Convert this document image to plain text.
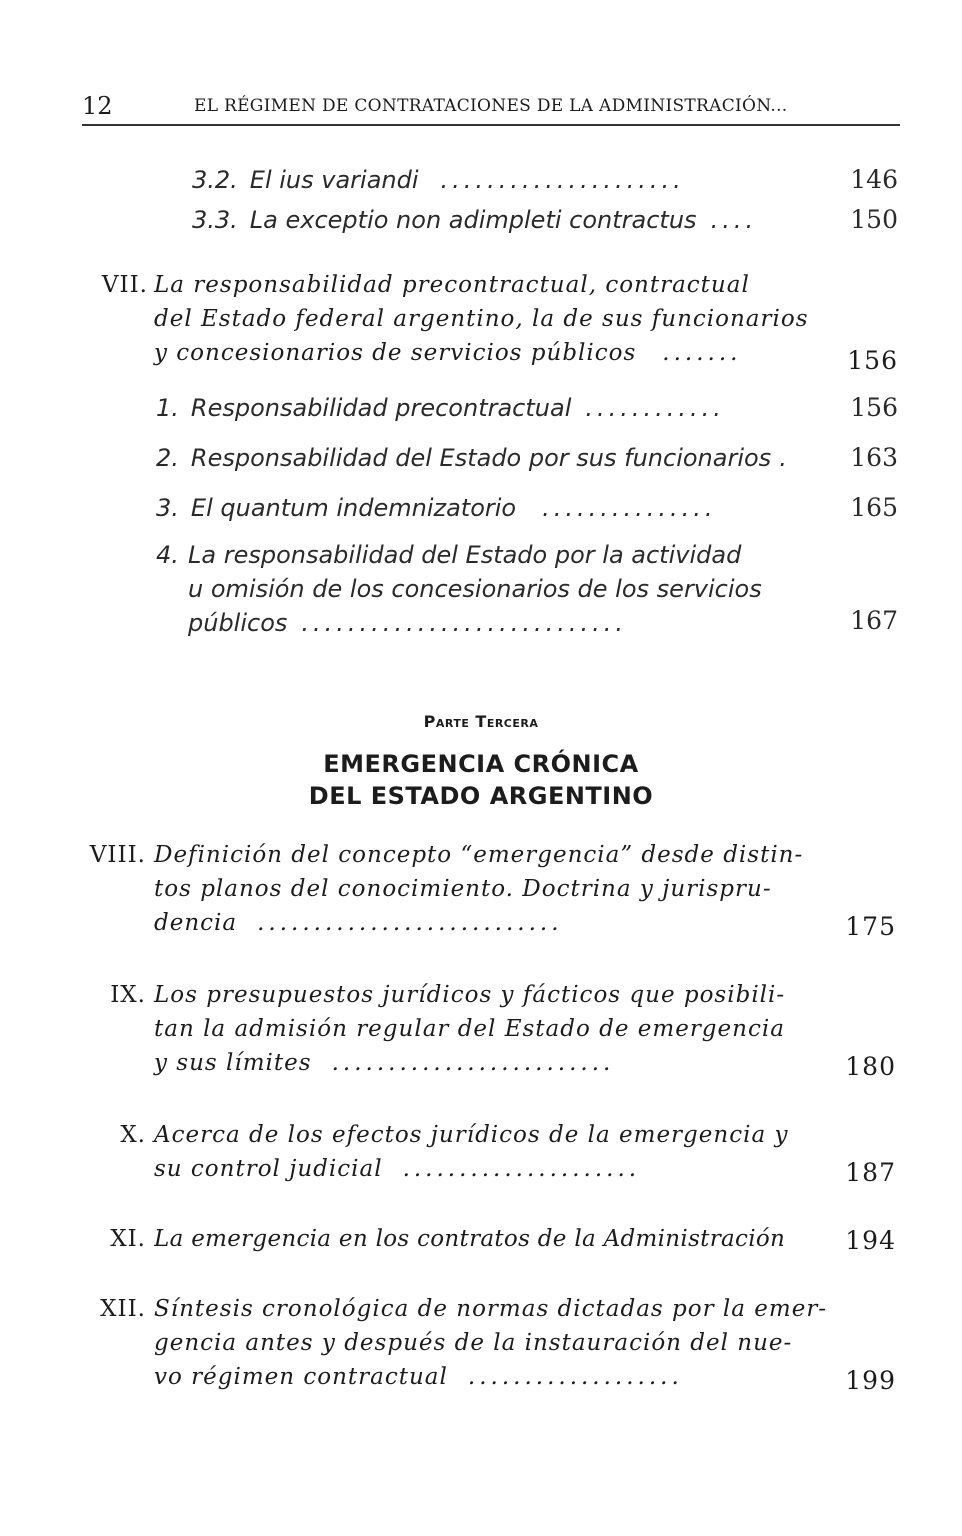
12	EL RÉGIMEN DE CONTRATACIONES DE LA ADMINISTRACIÓN...
3.2. El ius variandi .....................	146
3.3. La exceptio non adimpleti contractus ....	150
VII. La responsabilidad precontractual, contractual
del Estado federal argentino, la de sus funcionarios
y concesionarios de servicios públicos .......	156
1. Responsabilidad precontractual ............	156
2. Responsabilidad del Estado por sus funcionarios . 163
3. El quantum indemnizatorio ...............	165
4. La responsabilidad del Estado por la actividad
u omisión de los concesionarios de los servicios
públicos ............................	167
Parte Tercera
EMERGENCIA CRÓNICA
DEL ESTADO ARGENTINO
VIII. Definición del concepto “emergencia” desde distin-
tos planos del conocimiento. Doctrina y jurispru-
dencia ...........................	175
IX. Los presupuestos jurídicos y fácticos que posibili-
tan la admisión regular del Estado de emergencia
y sus límites .........................	180
X. Acerca de los efectos jurídicos de la emergencia y
su control judicial .....................	187
XI. La emergencia en los contratos de la Administración	194
XII. Síntesis cronológica de normas dictadas por la emer-
gencia antes y después de la instauración del nue-
vo régimen contractual ...................	199
